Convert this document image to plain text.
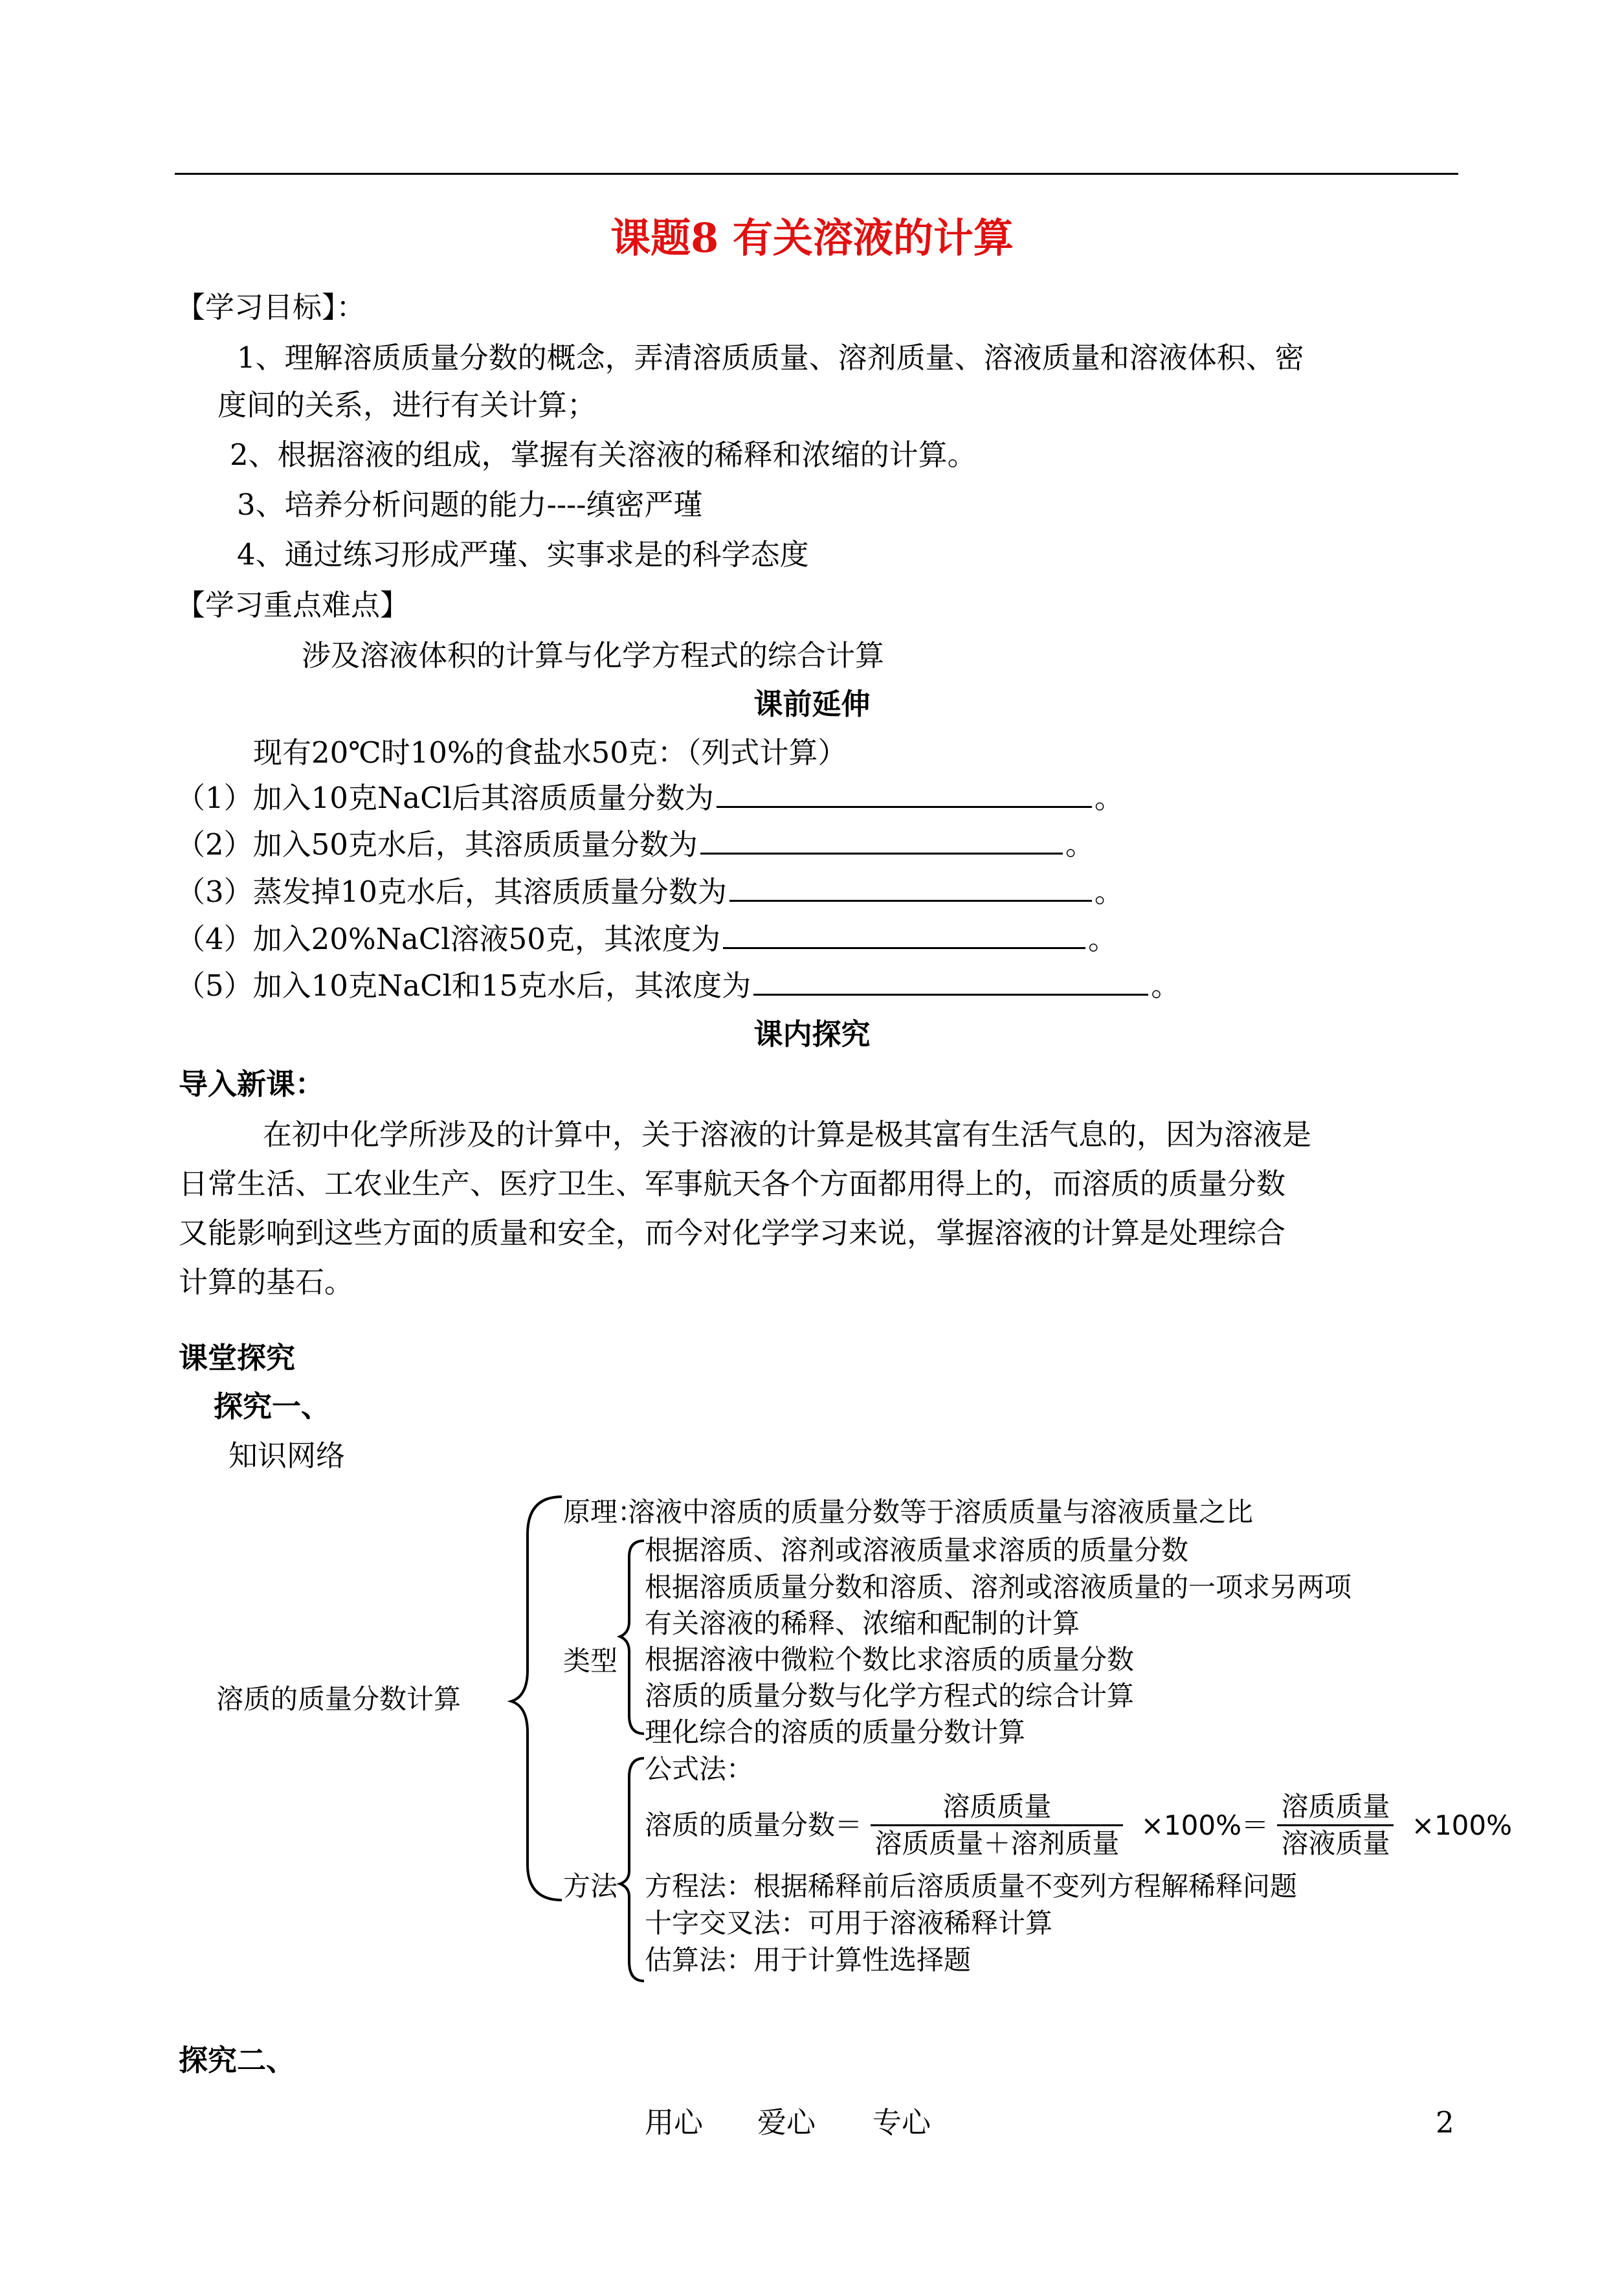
课题8 有关溶液的计算
【学习目标】：
1、理解溶质质量分数的概念，弄清溶质质量、溶剂质量、溶液质量和溶液体积、密
度间的关系，进行有关计算；
2、根据溶液的组成，掌握有关溶液的稀释和浓缩的计算。
3、培养分析问题的能力----缜密严瑾
4、通过练习形成严瑾、实事求是的科学态度
【学习重点难点】
涉及溶液体积的计算与化学方程式的综合计算
课前延伸
现有20℃时10%的食盐水50克：（列式计算）
（1）加入10克NaCl后其溶质质量分数为	。
（2）加入50克水后，其溶质质量分数为	。
（3）蒸发掉10克水后，其溶质质量分数为	。
（4）加入20%NaCl溶液50克，其浓度为	。
（5）加入10克NaCl和15克水后，其浓度为	。
课内探究
导入新课：
在初中化学所涉及的计算中，关于溶液的计算是极其富有生活气息的，因为溶液是
日常生活、工农业生产、医疗卫生、军事航天各个方面都用得上的，而溶质的质量分数
又能影响到这些方面的质量和安全，而今对化学学习来说，掌握溶液的计算是处理综合
计算的基石。
课堂探究
探究一、
知识网络
溶质的质量分数计算
原理：
溶液中溶质的质量分数等于溶质质量与溶液质量之比
类型
根据溶质、溶剂或溶液质量求溶质的质量分数
根据溶质质量分数和溶质、溶剂或溶液质量的一项求另两项
有关溶液的稀释、浓缩和配制的计算
根据溶液中微粒个数比求溶质的质量分数
溶质的质量分数与化学方程式的综合计算
理化综合的溶质的质量分数计算
方法
公式法：
溶质的质量分数＝ $\frac{\text{溶质质量}}{\text{溶质质量＋溶剂质量}} \times 100\%= \frac{\text{溶质质量}}{\text{溶液质量}} \times 100\%$
方程法：根据稀释前后溶质质量不变列方程解稀释问题
十字交叉法：可用于溶液稀释计算
估算法：用于计算性选择题
探究二、
用心 爱心 专心	2
